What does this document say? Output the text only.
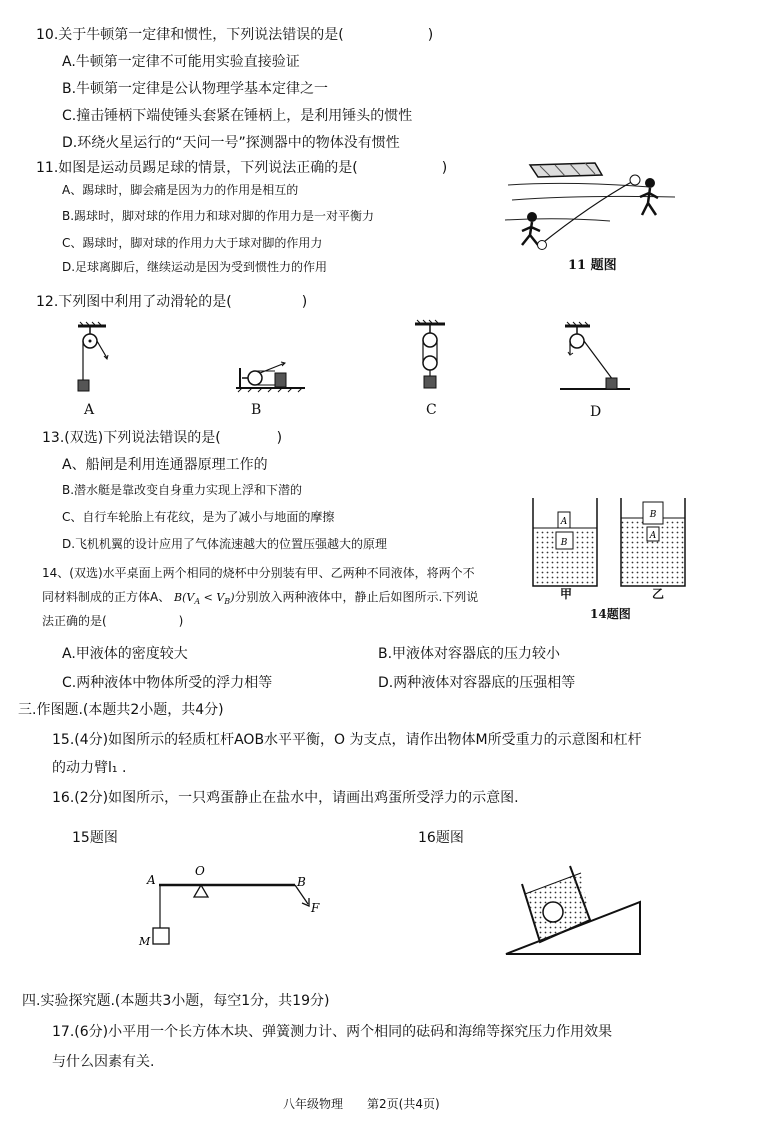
10.关于牛顿第一定律和惯性，下列说法错误的是(　　　　　　)
A.牛顿第一定律不可能用实验直接验证
B.牛顿第一定律是公认物理学基本定律之一
C.撞击锤柄下端使锤头套紧在锤柄上，是利用锤头的惯性
D.环绕火星运行的“天问一号”探测器中的物体没有惯性
11.如图是运动员踢足球的情景，下列说法正确的是(　　　　　　)
A、踢球时，脚会痛是因为力的作用是相互的
B.踢球时，脚对球的作用力和球对脚的作用力是一对平衡力
C、踢球时，脚对球的作用力大于球对脚的作用力
D.足球离脚后，继续运动是因为受到惯性力的作用	11 题图
12.下列图中利用了动滑轮的是(　　　　　)
A	B	C	D
13.(双选)下列说法错误的是(　　　　)
A、船闸是利用连通器原理工作的
B.潜水艇是靠改变自身重力实现上浮和下潜的
C、自行车轮胎上有花纹，是为了减小与地面的摩擦
D.飞机机翼的设计应用了气体流速越大的位置压强越大的原理
14、(双选)水平桌面上两个相同的烧杯中分别装有甲、乙两种不同液体，将两个不
同材料制成的正方体A、 $B(V_A < V_B)$分别放入两种液体中，静止后如图所示.下列说
法正确的是(　　　　　　)
A
B
B
A
甲	乙
14题图
A.甲液体的密度较大	B.甲液体对容器底的压力较小
C.两种液体中物体所受的浮力相等	D.两种液体对容器底的压强相等
三.作图题.(本题共2小题，共4分)
15.(4分)如图所示的轻质杠杆AOB水平平衡，O 为支点，请作出物体M所受重力的示意图和杠杆
的动力臂l₁ .
16.(2分)如图所示，一只鸡蛋静止在盐水中，请画出鸡蛋所受浮力的示意图.
15题图	16题图
A
O
B
F
M
四.实验探究题.(本题共3小题，每空1分，共19分)
17.(6分)小平用一个长方体木块、弹簧测力计、两个相同的砝码和海绵等探究压力作用效果
与什么因素有关.
八年级物理　　第2页(共4页)
